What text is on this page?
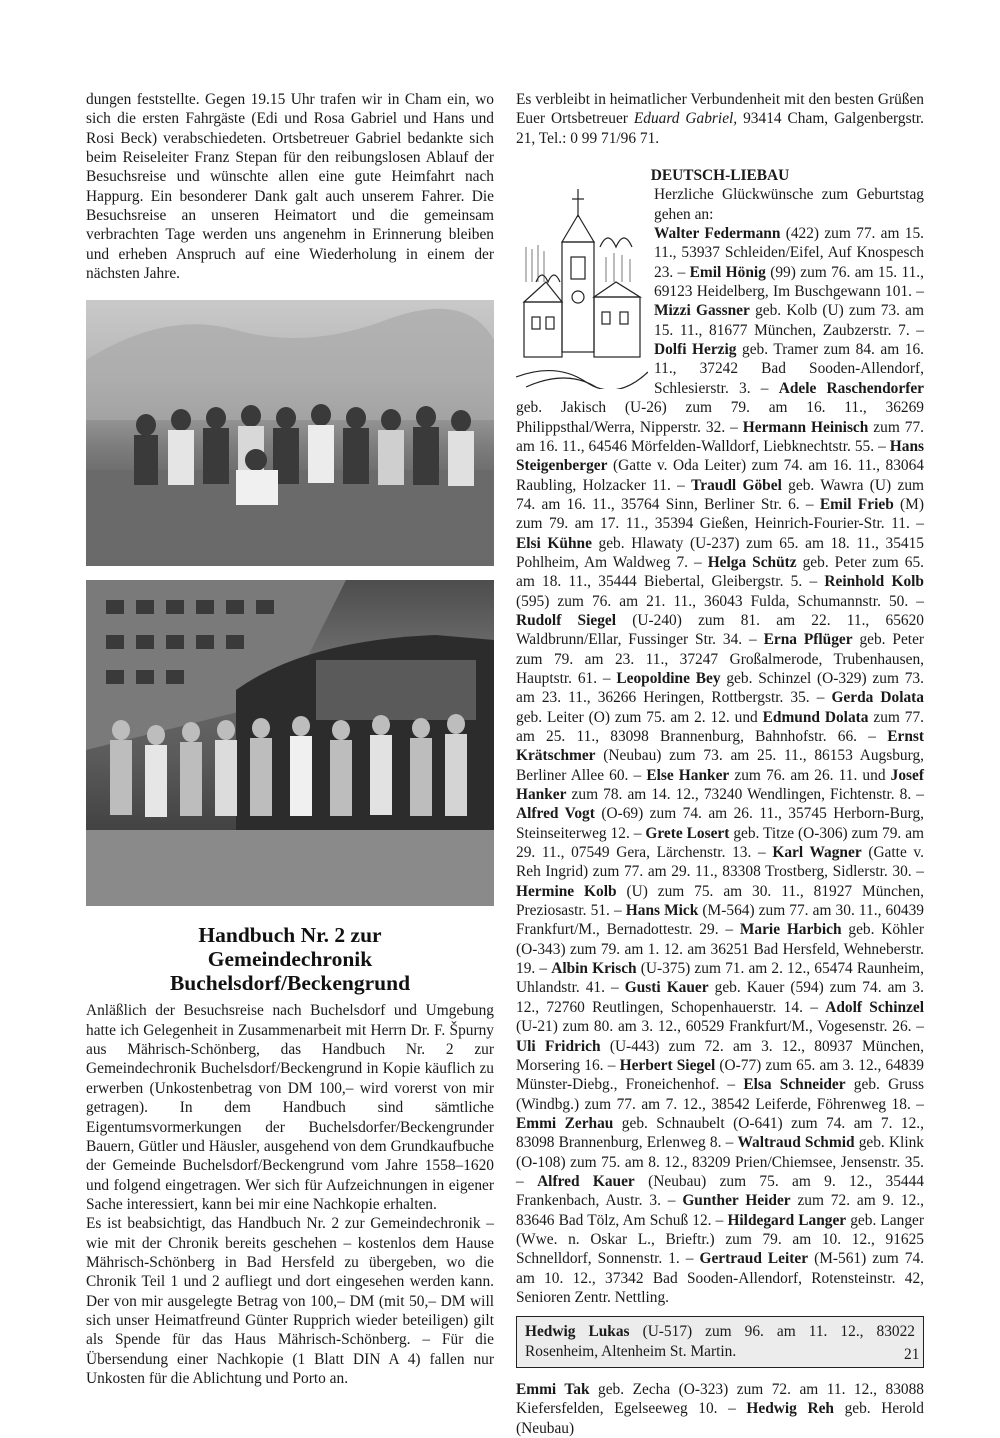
dungen feststellte. Gegen 19.15 Uhr trafen wir in Cham ein, wo sich die ersten Fahrgäste (Edi und Rosa Gabriel und Hans und Rosi Beck) verabschiedeten. Ortsbetreuer Gabriel bedankte sich beim Reiseleiter Franz Stepan für den reibungslosen Ablauf der Besuchsreise und wünschte allen eine gute Heimfahrt nach Happurg. Ein besonderer Dank galt auch unserem Fahrer. Die Besuchsreise an unseren Heimatort und die gemeinsam verbrachten Tage werden uns angenehm in Erinnerung bleiben und erheben Anspruch auf eine Wiederholung in einem der nächsten Jahre.

Handbuch Nr. 2 zur
Gemeindechronik Buchelsdorf/Beckengrund

Anläßlich der Besuchsreise nach Buchelsdorf und Umgebung hatte ich Gelegenheit in Zusammenarbeit mit Herrn Dr. F. Špurny aus Mährisch-Schönberg, das Handbuch Nr. 2 zur Gemeindechronik Buchelsdorf/Beckengrund in Kopie käuflich zu erwerben (Unkostenbetrag von DM 100,– wird vorerst von mir getragen). In dem Handbuch sind sämtliche Eigentumsvormerkungen der Buchelsdorfer/Beckengrunder Bauern, Gütler und Häusler, ausgehend von dem Grundkaufbuche der Gemeinde Buchelsdorf/Beckengrund vom Jahre 1558–1620 und folgend eingetragen. Wer sich für Aufzeichnungen in eigener Sache interessiert, kann bei mir eine Nachkopie erhalten.

Es ist beabsichtigt, das Handbuch Nr. 2 zur Gemeindechronik – wie mit der Chronik bereits geschehen – kostenlos dem Hause Mährisch-Schönberg in Bad Hersfeld zu übergeben, wo die Chronik Teil 1 und 2 aufliegt und dort eingesehen werden kann. Der von mir ausgelegte Betrag von 100,– DM (mit 50,– DM will sich unser Heimatfreund Günter Rupprich wieder beteiligen) gilt als Spende für das Haus Mährisch-Schönberg. – Für die Übersendung einer Nachkopie (1 Blatt DIN A 4) fallen nur Unkosten für die Ablichtung und Porto an.

Es verbleibt in heimatlicher Verbundenheit mit den besten Grüßen Euer Ortsbetreuer Eduard Gabriel, 93414 Cham, Galgenbergstr. 21, Tel.: 0 99 71/96 71.

DEUTSCH-LIEBAU

Herzliche Glückwünsche zum Geburtstag gehen an:

Walter Federmann (422) zum 77. am 15. 11., 53937 Schleiden/Eifel, Auf Knospesch 23. – Emil Hönig (99) zum 76. am 15. 11., 69123 Heidelberg, Im Buschgewann 101. – Mizzi Gassner geb. Kolb (U) zum 73. am 15. 11., 81677 München, Zaubzerstr. 7. – Dolfi Herzig geb. Tramer zum 84. am 16. 11., 37242 Bad Sooden-Allendorf, Schlesierstr. 3. – Adele Raschendorfer geb. Jakisch (U-26) zum 79. am 16. 11., 36269 Philippsthal/Werra, Nipperstr. 32. – Hermann Heinisch zum 77. am 16. 11., 64546 Mörfelden-Walldorf, Liebknechtstr. 55. – Hans Steigenberger (Gatte v. Oda Leiter) zum 74. am 16. 11., 83064 Raubling, Holzacker 11. – Traudl Göbel geb. Wawra (U) zum 74. am 16. 11., 35764 Sinn, Berliner Str. 6. – Emil Frieb (M) zum 79. am 17. 11., 35394 Gießen, Heinrich-Fourier-Str. 11. – Elsi Kühne geb. Hlawaty (U-237) zum 65. am 18. 11., 35415 Pohlheim, Am Waldweg 7. – Helga Schütz geb. Peter zum 65. am 18. 11., 35444 Biebertal, Gleibergstr. 5. – Reinhold Kolb (595) zum 76. am 21. 11., 36043 Fulda, Schumannstr. 50. – Rudolf Siegel (U-240) zum 81. am 22. 11., 65620 Waldbrunn/Ellar, Fussinger Str. 34. – Erna Pflüger geb. Peter zum 79. am 23. 11., 37247 Großalmerode, Trubenhausen, Hauptstr. 61. – Leopoldine Bey geb. Schinzel (O-329) zum 73. am 23. 11., 36266 Heringen, Rottbergstr. 35. – Gerda Dolata geb. Leiter (O) zum 75. am 2. 12. und Edmund Dolata zum 77. am 25. 11., 83098 Brannenburg, Bahnhofstr. 66. – Ernst Krätschmer (Neubau) zum 73. am 25. 11., 86153 Augsburg, Berliner Allee 60. – Else Hanker zum 76. am 26. 11. und Josef Hanker zum 78. am 14. 12., 73240 Wendlingen, Fichtenstr. 8. – Alfred Vogt (O-69) zum 74. am 26. 11., 35745 Herborn-Burg, Steinseiterweg 12. – Grete Losert geb. Titze (O-306) zum 79. am 29. 11., 07549 Gera, Lärchenstr. 13. – Karl Wagner (Gatte v. Reh Ingrid) zum 77. am 29. 11., 83308 Trostberg, Sidlerstr. 30. – Hermine Kolb (U) zum 75. am 30. 11., 81927 München, Preziosastr. 51. – Hans Mick (M-564) zum 77. am 30. 11., 60439 Frankfurt/M., Bernadottestr. 29. – Marie Harbich geb. Köhler (O-343) zum 79. am 1. 12. am 36251 Bad Hersfeld, Wehneberstr. 19. – Albin Krisch (U-375) zum 71. am 2. 12., 65474 Raunheim, Uhlandstr. 41. – Gusti Kauer geb. Kauer (594) zum 74. am 3. 12., 72760 Reutlingen, Schopenhauerstr. 14. – Adolf Schinzel (U-21) zum 80. am 3. 12., 60529 Frankfurt/M., Vogesenstr. 26. – Uli Fridrich (U-443) zum 72. am 3. 12., 80937 München, Morsering 16. – Herbert Siegel (O-77) zum 65. am 3. 12., 64839 Münster-Diebg., Froneichenhof. – Elsa Schneider geb. Gruss (Windbg.) zum 77. am 7. 12., 38542 Leiferde, Föhrenweg 18. – Emmi Zerhau geb. Schnaubelt (O-641) zum 74. am 7. 12., 83098 Brannenburg, Erlenweg 8. – Waltraud Schmid geb. Klink (O-108) zum 75. am 8. 12., 83209 Prien/Chiemsee, Jensenstr. 35. – Alfred Kauer (Neubau) zum 75. am 9. 12., 35444 Frankenbach, Austr. 3. – Gunther Heider zum 72. am 9. 12., 83646 Bad Tölz, Am Schuß 12. – Hildegard Langer geb. Langer (Wwe. n. Oskar L., Brieftr.) zum 79. am 10. 12., 91625 Schnelldorf, Sonnenstr. 1. – Gertraud Leiter (M-561) zum 74. am 10. 12., 37342 Bad Sooden-Allendorf, Rotensteinstr. 42, Senioren Zentr. Nettling.

Hedwig Lukas (U-517) zum 96. am 11. 12., 83022 Rosenheim, Altenheim St. Martin.

Emmi Tak geb. Zecha (O-323) zum 72. am 11. 12., 83088 Kiefersfelden, Egelseeweg 10. – Hedwig Reh geb. Herold (Neubau)

21
